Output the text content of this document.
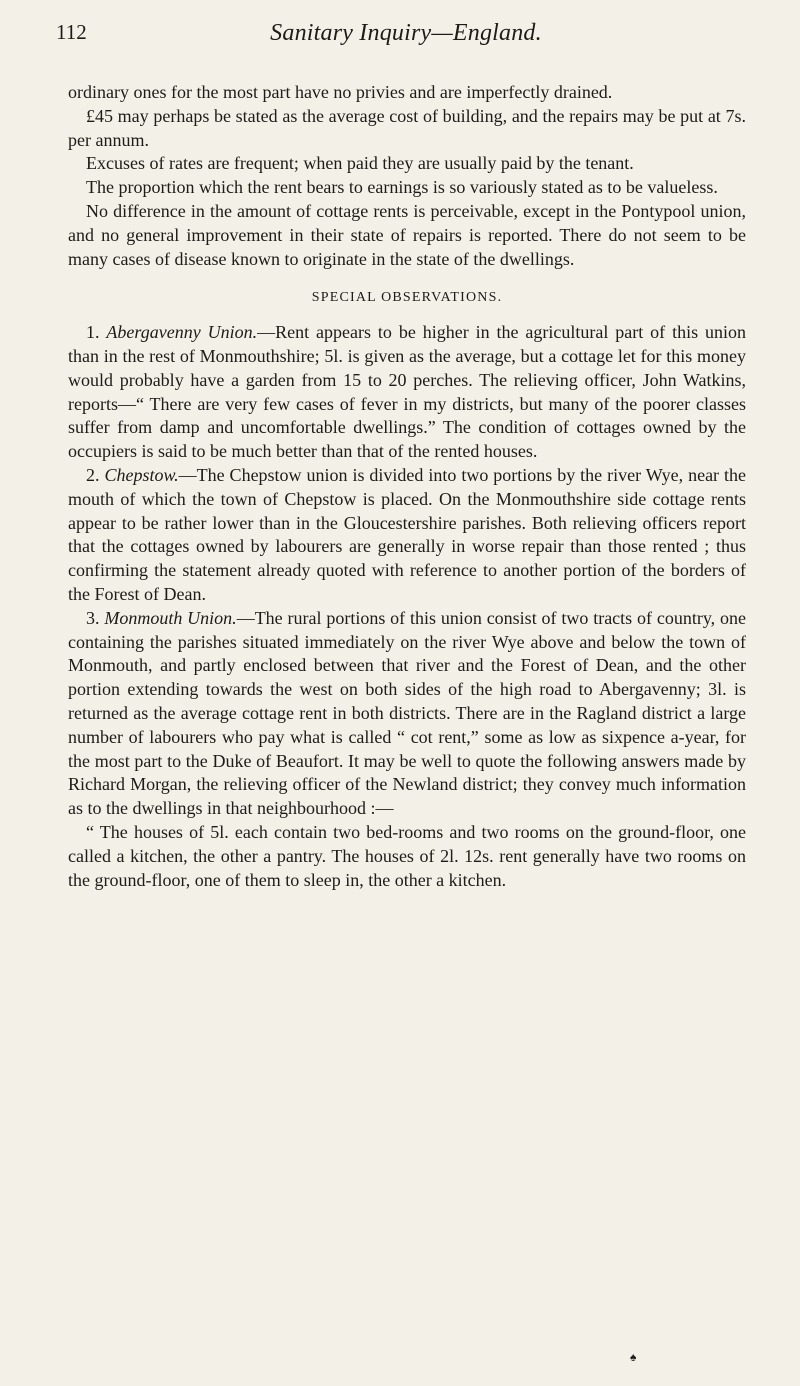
112	Sanitary Inquiry—England.

ordinary ones for the most part have no privies and are imperfectly drained.

£45 may perhaps be stated as the average cost of building, and the repairs may be put at 7s. per annum.

Excuses of rates are frequent; when paid they are usually paid by the tenant.

The proportion which the rent bears to earnings is so variously stated as to be valueless.

No difference in the amount of cottage rents is perceivable, except in the Pontypool union, and no general improvement in their state of repairs is reported. There do not seem to be many cases of disease known to originate in the state of the dwellings.

SPECIAL OBSERVATIONS.

1. Abergavenny Union.—Rent appears to be higher in the agricultural part of this union than in the rest of Monmouthshire; 5l. is given as the average, but a cottage let for this money would probably have a garden from 15 to 20 perches. The relieving officer, John Watkins, reports—“ There are very few cases of fever in my districts, but many of the poorer classes suffer from damp and uncomfortable dwellings.” The condition of cottages owned by the occupiers is said to be much better than that of the rented houses.

2. Chepstow.—The Chepstow union is divided into two portions by the river Wye, near the mouth of which the town of Chepstow is placed. On the Monmouthshire side cottage rents appear to be rather lower than in the Gloucestershire parishes. Both relieving officers report that the cottages owned by labourers are generally in worse repair than those rented ; thus confirming the statement already quoted with reference to another portion of the borders of the Forest of Dean.

3. Monmouth Union.—The rural portions of this union consist of two tracts of country, one containing the parishes situated immediately on the river Wye above and below the town of Monmouth, and partly enclosed between that river and the Forest of Dean, and the other portion extending towards the west on both sides of the high road to Abergavenny; 3l. is returned as the average cottage rent in both districts. There are in the Ragland district a large number of labourers who pay what is called “ cot rent,” some as low as sixpence a-year, for the most part to the Duke of Beaufort. It may be well to quote the following answers made by Richard Morgan, the relieving officer of the Newland district; they convey much information as to the dwellings in that neighbourhood :—

“ The houses of 5l. each contain two bed-rooms and two rooms on the ground-floor, one called a kitchen, the other a pantry. The houses of 2l. 12s. rent generally have two rooms on the ground-floor, one of them to sleep in, the other a kitchen.

♠
